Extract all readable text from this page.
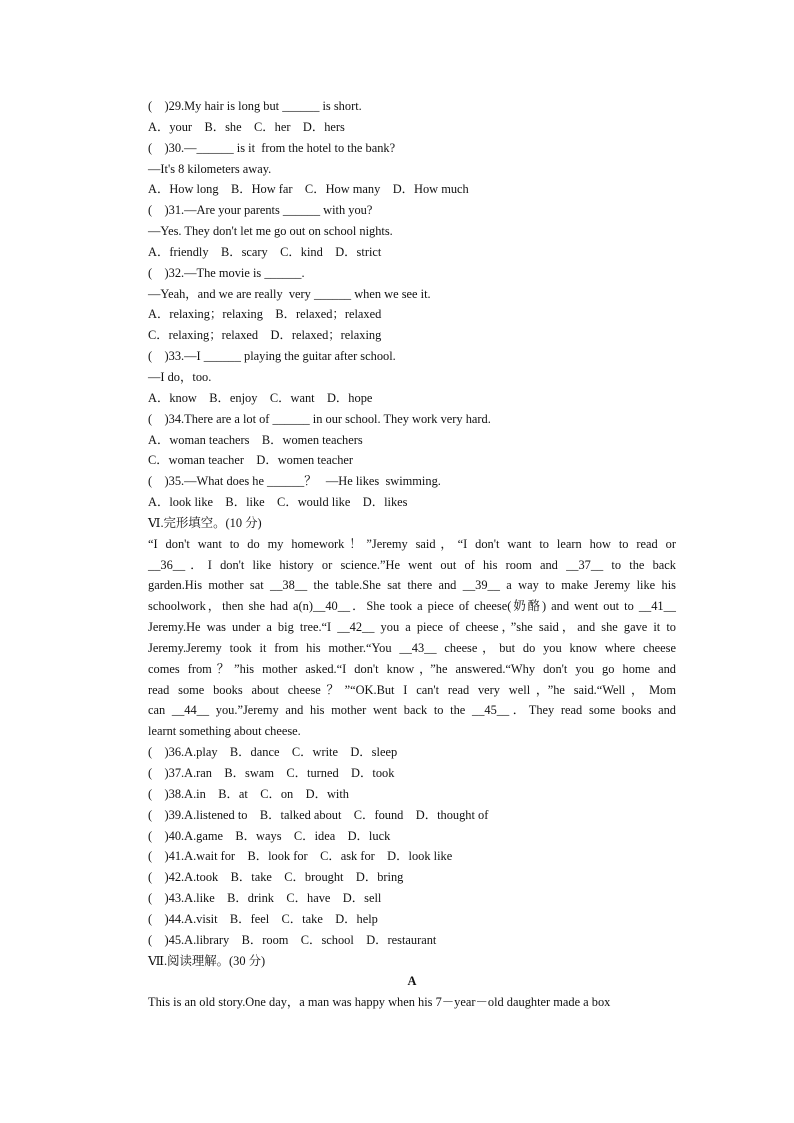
(    )29.My hair is long but ______ is short.
A．your    B．she    C．her    D．hers
(    )30.—______ is it  from the hotel to the bank?
—It's 8 kilometers away.
A．How long    B．How far    C．How many    D．How much
(    )31.—Are your parents ______ with you?
—Yes. They don't let me go out on school nights.
A．friendly    B．scary    C．kind    D．strict
(    )32.—The movie is ______.
—Yeah，and we are really  very ______ when we see it.
A．relaxing；relaxing    B．relaxed；relaxed
C．relaxing；relaxed    D．relaxed；relaxing
(    )33.—I ______ playing the guitar after school.
—I do，too.
A．know    B．enjoy    C．want    D．hope
(    )34.There are a lot of ______ in our school. They work very hard.
A．woman teachers    B．women teachers
C．woman teacher    D．women teacher
(    )35.—What does he ______？   —He likes  swimming.
A．look like    B．like    C．would like    D．likes
Ⅵ.完形填空。(10 分)
“I don't want to do my homework！”Jeremy said，“I don't want to learn how to read or
__36__．I don't like history or science.”He went out of his room and __37__ to the back
garden.His mother sat __38__ the table.She sat there and __39__ a way to make Jeremy like his
schoolwork，then she had a(n)__40__．She took a piece of cheese(奶酪) and went out to __41__
Jeremy.He was under a big tree.“I __42__ you a piece of cheese，”she said，and she gave it to
Jeremy.Jeremy took it from his mother.“You __43__ cheese，but do you know where cheese
comes from？”his mother asked.“I don't know，”he answered.“Why don't you go home and
read some books about cheese？”“OK.But I can't read very well，”he said.“Well，Mom
can __44__ you.”Jeremy and his mother went back to the __45__．They read some books and
learnt something about cheese.
(    )36.A.play    B．dance    C．write    D．sleep
(    )37.A.ran    B．swam    C．turned    D．took
(    )38.A.in    B．at    C．on    D．with
(    )39.A.listened to    B．talked about    C．found    D．thought of
(    )40.A.game    B．ways    C．idea    D．luck
(    )41.A.wait for    B．look for    C．ask for    D．look like
(    )42.A.took    B．take    C．brought    D．bring
(    )43.A.like    B．drink    C．have    D．sell
(    )44.A.visit    B．feel    C．take    D．help
(    )45.A.library    B．room    C．school    D．restaurant
Ⅶ.阅读理解。(30 分)
A
This is an old story.One day，a man was happy when his 7－year－old daughter made a box
